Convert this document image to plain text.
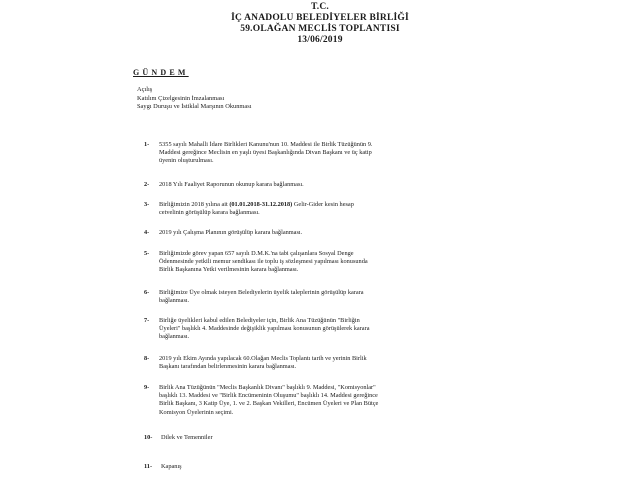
T.C.
İÇ ANADOLU BELEDİYELER BİRLİĞİ
59.OLAĞAN MECLİS TOPLANTISI
13/06/2019
GÜNDEM
Açılış
Katılım Çizelgesinin İmzalanması
Saygı Duruşu ve İstiklal Marşının Okunması
1-	5355 sayılı Mahalli İdare Birlikleri Kanunu'nun 10. Maddesi ile Birlik Tüzüğünün 9.
Maddesi gereğince Meclisin en yaşlı üyesi Başkanlığında Divan Başkanı ve üç katip
üyenin oluşturulması.
2-	2018 Yılı Faaliyet Raporunun okunup karara bağlanması.
3-	Birliğimizin 2018 yılına ait (01.01.2018-31.12.2018) Gelir-Gider kesin hesap
cetvelinin görüşülüp karara bağlanması.
4-	2019 yılı Çalışma Planının görüşülüp karara bağlanması.
5-	Birliğimizde görev yapan 657 sayılı D.M.K.'na tabi çalışanlara Sosyal Denge
Ödenmesinde yetkili memur sendikası ile toplu iş sözleşmesi yapılması konusunda
Birlik Başkanına Yetki verilmesinin karara bağlanması.
6-	Birliğimize Üye olmak isteyen Belediyelerin üyelik taleplerinin görüşülüp karara
bağlanması.
7-	Birliğe üyelikleri kabul edilen Belediyeler için, Birlik Ana Tüzüğünün "Birliğin
Üyeleri" başlıklı 4. Maddesinde değişiklik yapılması konusunun görüşülerek karara
bağlanması.
8-	2019 yılı Ekim Ayında yapılacak 60.Olağan Meclis Toplantı tarih ve yerinin Birlik
Başkanı tarafından belirlenmesinin karara bağlanması.
9-	Birlik Ana Tüzüğünün "Meclis Başkanlık Divanı" başlıklı 9. Maddesi, "Komisyonlar"
başlıklı 13. Maddesi ve "Birlik Encümeninin Oluşumu" başlıklı 14. Maddesi gereğince
Birlik Başkanı, 3 Katip Üye, 1. ve 2. Başkan Vekilleri, Encümen Üyeleri ve Plan Bütçe
Komisyon Üyelerinin seçimi.
10-	Dilek ve Temenniler
11-	Kapanış
